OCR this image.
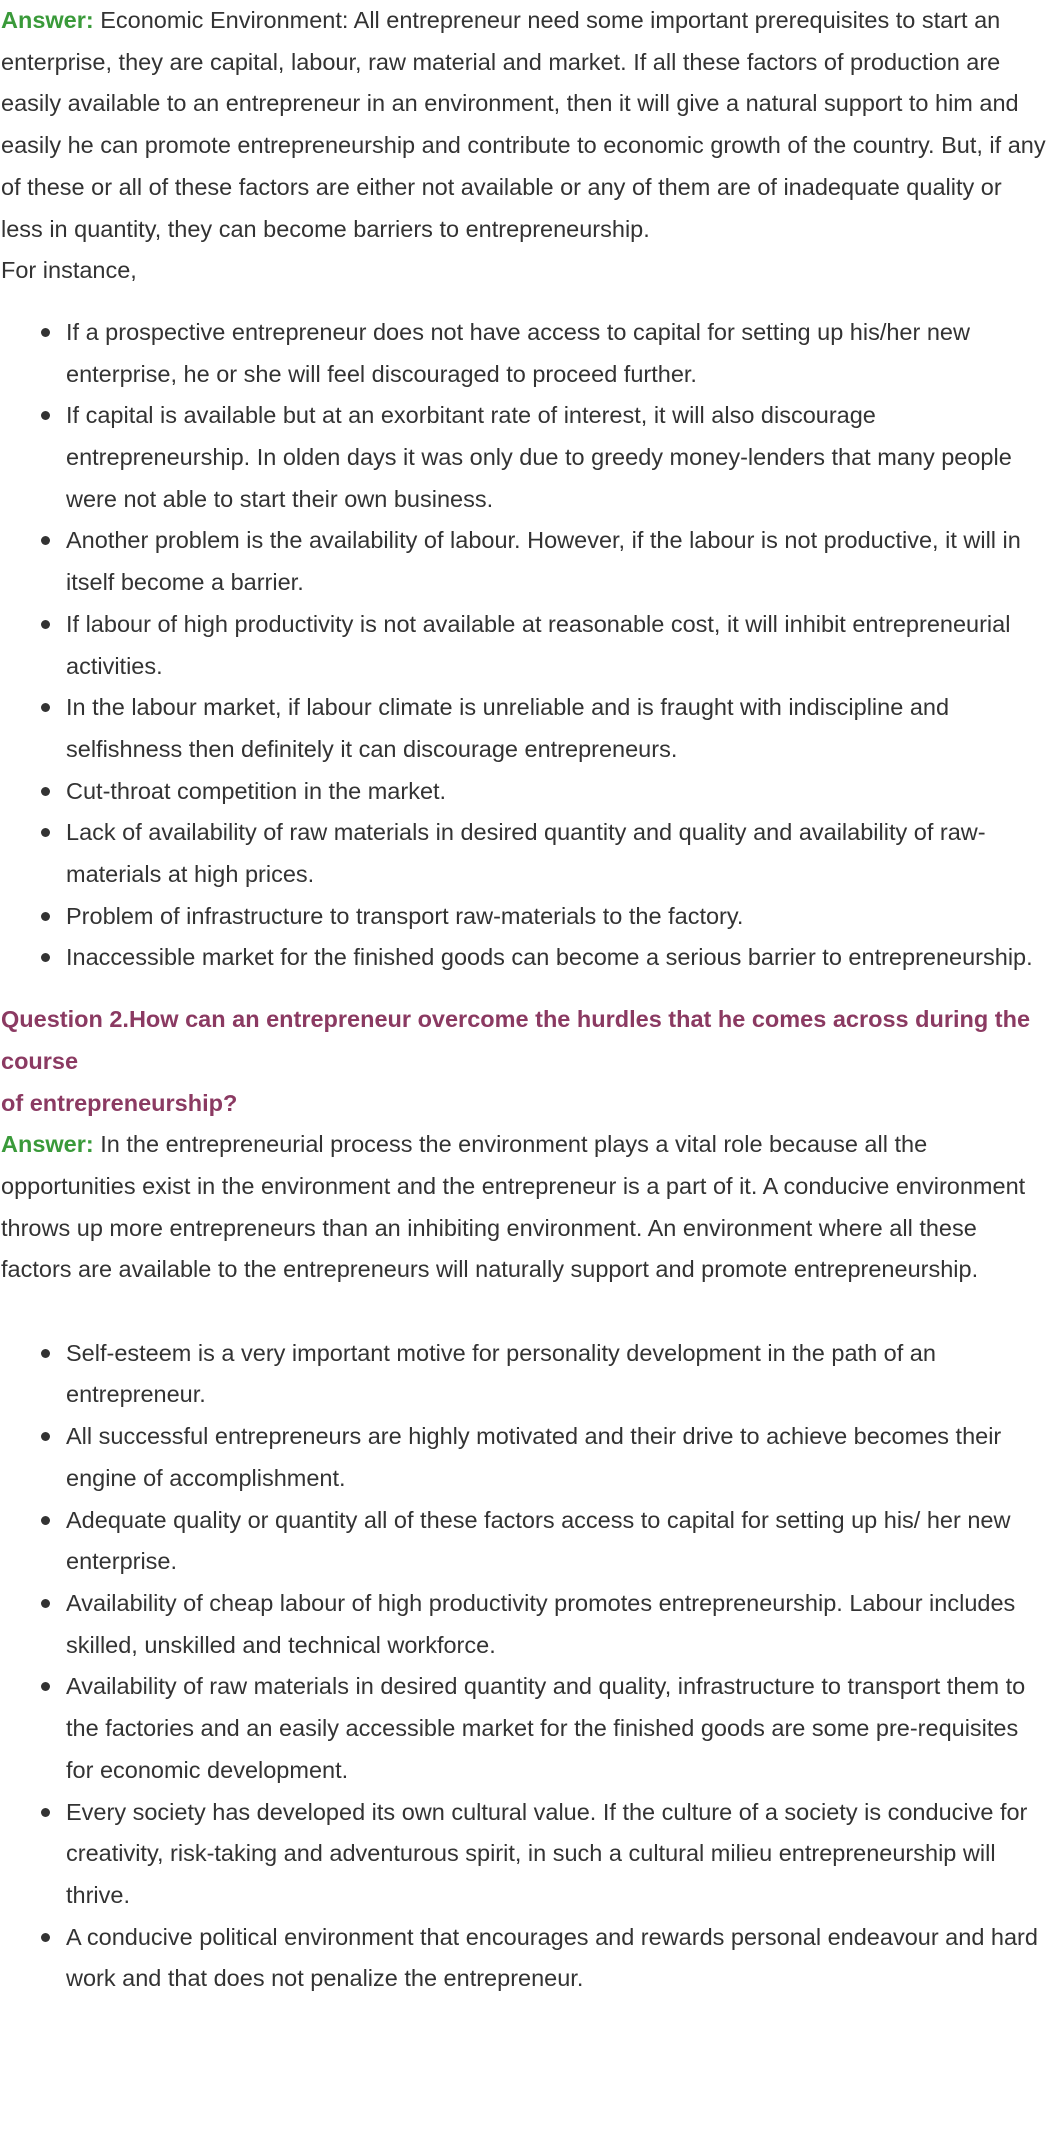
Answer: Economic Environment: All entrepreneur need some important prerequisites to start an enterprise, they are capital, labour, raw material and market. If all these factors of production are easily available to an entrepreneur in an environment, then it will give a natural support to him and easily he can promote entrepreneurship and contribute to economic growth of the country. But, if any of these or all of these factors are either not available or any of them are of inadequate quality or less in quantity, they can become barriers to entrepreneurship.

For instance,

If a prospective entrepreneur does not have access to capital for setting up his/her new enterprise, he or she will feel discouraged to proceed further.
If capital is available but at an exorbitant rate of interest, it will also discourage entrepreneurship. In olden days it was only due to greedy money-lenders that many people were not able to start their own business.
Another problem is the availability of labour. However, if the labour is not productive, it will in itself become a barrier.
If labour of high productivity is not available at reasonable cost, it will inhibit entrepreneurial activities.
In the labour market, if labour climate is unreliable and is fraught with indiscipline and selfishness then definitely it can discourage entrepreneurs.
Cut-throat competition in the market.
Lack of availability of raw materials in desired quantity and quality and availability of raw-materials at high prices.
Problem of infrastructure to transport raw-materials to the factory.
Inaccessible market for the finished goods can become a serious barrier to entrepreneurship.

Question 2.How can an entrepreneur overcome the hurdles that he comes across during the course

of entrepreneurship?

Answer: In the entrepreneurial process the environment plays a vital role because all the opportunities exist in the environment and the entrepreneur is a part of it. A conducive environment throws up more entrepreneurs than an inhibiting environment. An environment where all these factors are available to the entrepreneurs will naturally support and promote entrepreneurship.

Self-esteem is a very important motive for personality development in the path of an entrepreneur.
All successful entrepreneurs are highly motivated and their drive to achieve becomes their engine of accomplishment.
Adequate quality or quantity all of these factors access to capital for setting up his/ her new enterprise.
Availability of cheap labour of high productivity promotes entrepreneurship. Labour includes skilled, unskilled and technical workforce.
Availability of raw materials in desired quantity and quality, infrastructure to transport them to the factories and an easily accessible market for the finished goods are some pre-requisites for economic development.
Every society has developed its own cultural value. If the culture of a society is conducive for creativity, risk-taking and adventurous spirit, in such a cultural milieu entrepreneurship will thrive.
A conducive political environment that encourages and rewards personal endeavour and hard work and that does not penalize the entrepreneur.
